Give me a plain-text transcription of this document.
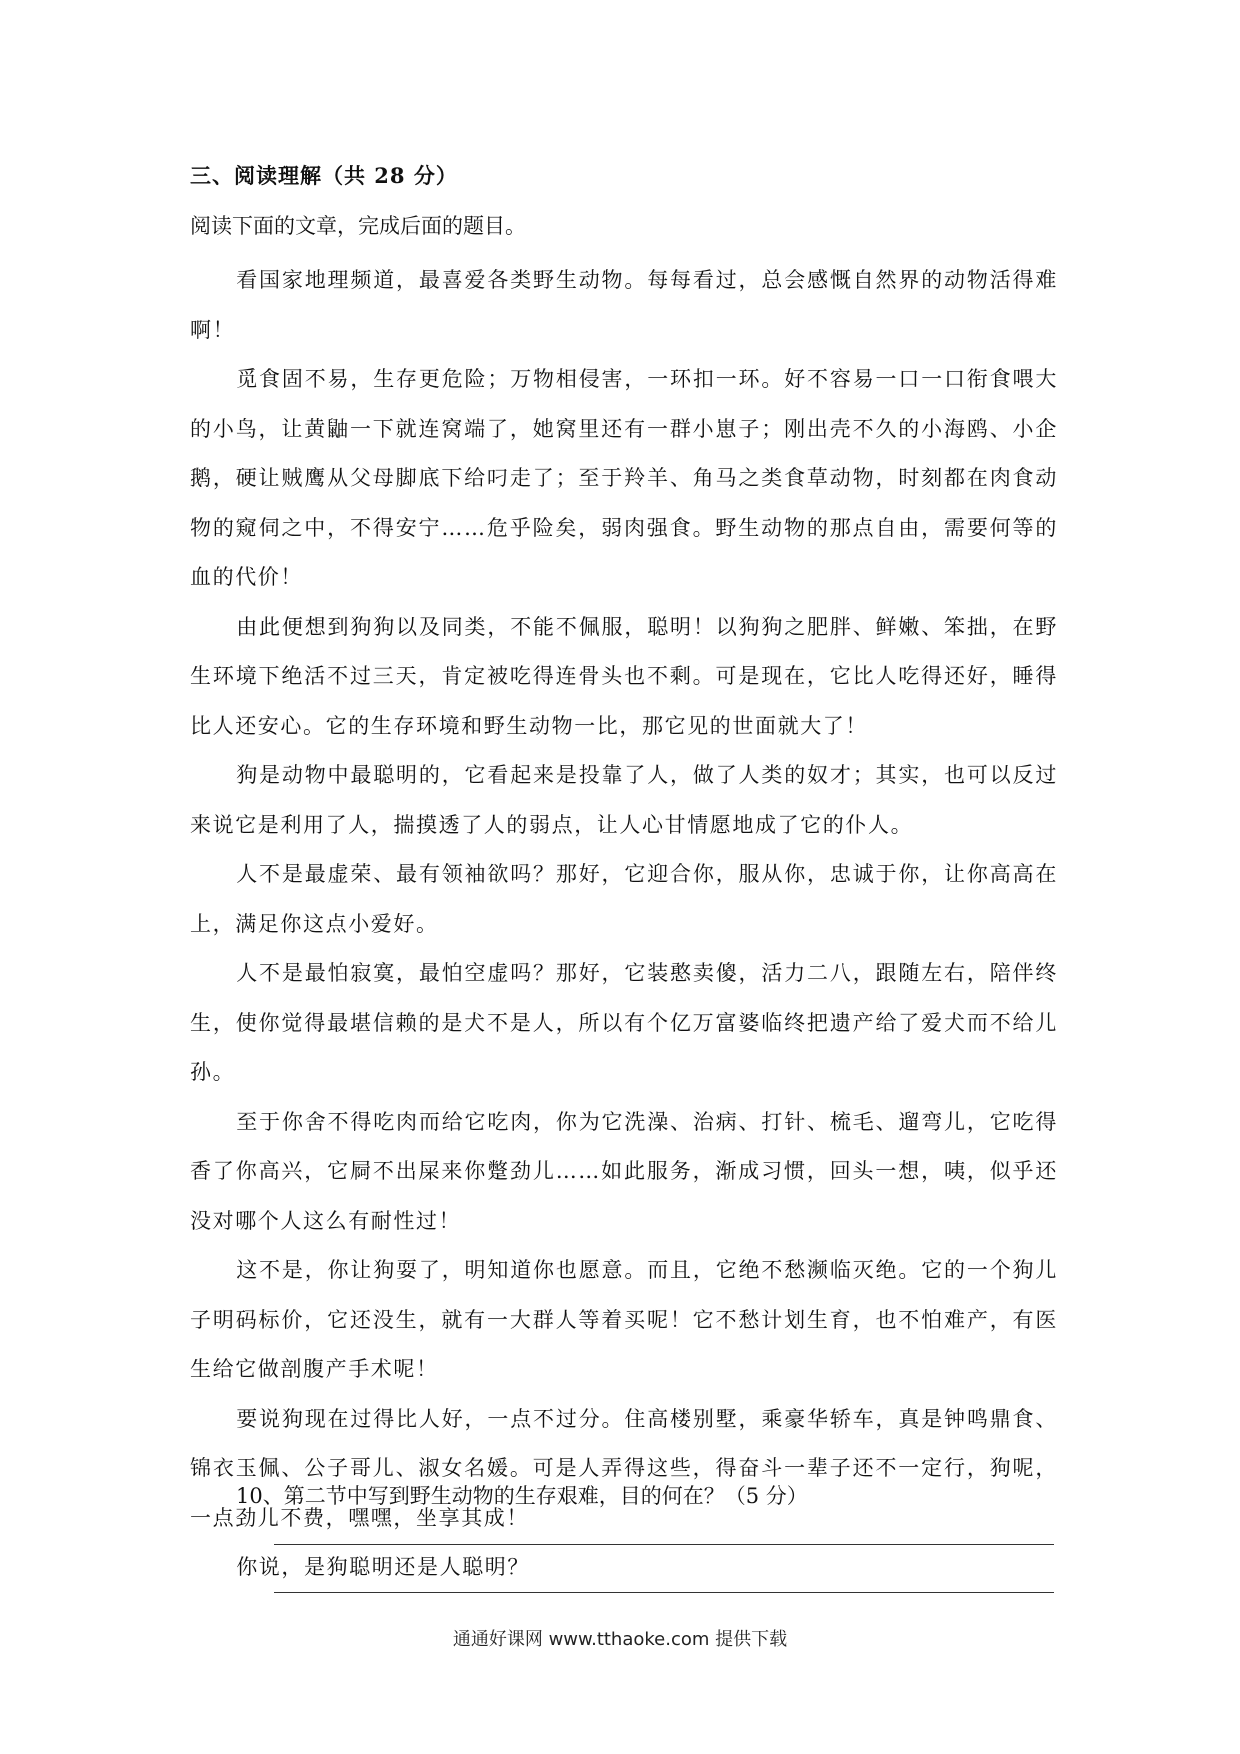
三、阅读理解（共 28 分）
阅读下面的文章，完成后面的题目。

看国家地理频道，最喜爱各类野生动物。每每看过，总会感慨自然界的动物活得难啊！

觅食固不易，生存更危险；万物相侵害，一环扣一环。好不容易一口一口衔食喂大的小鸟，让黄鼬一下就连窝端了，她窝里还有一群小崽子；刚出壳不久的小海鸥、小企鹅，硬让贼鹰从父母脚底下给叼走了；至于羚羊、角马之类食草动物，时刻都在肉食动物的窥伺之中，不得安宁……危乎险矣，弱肉强食。野生动物的那点自由，需要何等的血的代价！

由此便想到狗狗以及同类，不能不佩服，聪明！以狗狗之肥胖、鲜嫩、笨拙，在野生环境下绝活不过三天，肯定被吃得连骨头也不剩。可是现在，它比人吃得还好，睡得比人还安心。它的生存环境和野生动物一比，那它见的世面就大了！

狗是动物中最聪明的，它看起来是投靠了人，做了人类的奴才；其实，也可以反过来说它是利用了人，揣摸透了人的弱点，让人心甘情愿地成了它的仆人。

人不是最虚荣、最有领袖欲吗？那好，它迎合你，服从你，忠诚于你，让你高高在上，满足你这点小爱好。

人不是最怕寂寞，最怕空虚吗？那好，它装憨卖傻，活力二八，跟随左右，陪伴终生，使你觉得最堪信赖的是犬不是人，所以有个亿万富婆临终把遗产给了爱犬而不给儿孙。

至于你舍不得吃肉而给它吃肉，你为它洗澡、治病、打针、梳毛、遛弯儿，它吃得香了你高兴，它屙不出屎来你蹩劲儿……如此服务，渐成习惯，回头一想，咦，似乎还没对哪个人这么有耐性过！

这不是，你让狗耍了，明知道你也愿意。而且，它绝不愁濒临灭绝。它的一个狗儿子明码标价，它还没生，就有一大群人等着买呢！它不愁计划生育，也不怕难产，有医生给它做剖腹产手术呢！

要说狗现在过得比人好，一点不过分。住高楼别墅，乘豪华轿车，真是钟鸣鼎食、锦衣玉佩、公子哥儿、淑女名媛。可是人弄得这些，得奋斗一辈子还不一定行，狗呢，一点劲儿不费，嘿嘿，坐享其成！

你说，是狗聪明还是人聪明？

10、第二节中写到野生动物的生存艰难，目的何在？（5 分）
通通好课网 www.tthaoke.com 提供下载
